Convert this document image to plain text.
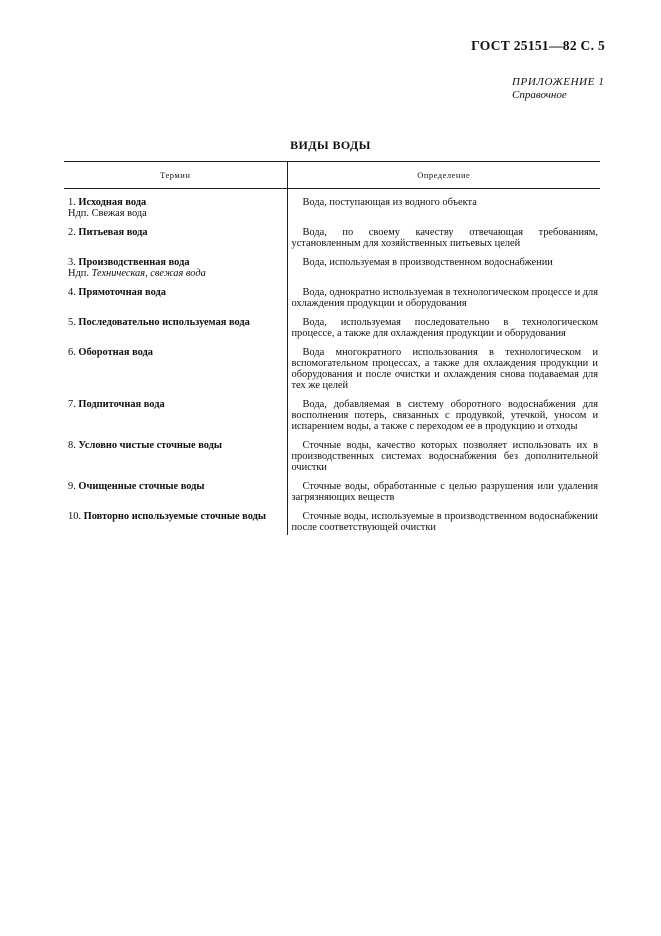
ГОСТ 25151—82 С. 5
ПРИЛОЖЕНИЕ 1
Справочное
ВИДЫ ВОДЫ
Термин	Определение

1. Исходная вода
Ндп. Свежая вода	Вода, поступающая из водного объекта

2. Питьевая вода	Вода, по своему качеству отвечающая требованиям, установленным для хозяйственных питьевых целей

3. Производственная вода
Ндп. Техническая, свежая вода	Вода, используемая в производственном водоснабжении

4. Прямоточная вода	Вода, однократно используемая в технологическом процессе и для охлаждения продукции и оборудования

5. Последовательно используемая вода	Вода, используемая последовательно в технологическом процессе, а также для охлаждения продукции и оборудования

6. Оборотная вода	Вода многократного использования в технологическом и вспомогательном процессах, а также для охлаждения продукции и оборудования и после очистки и охлаждения снова подаваемая для тех же целей

7. Подпиточная вода	Вода, добавляемая в систему оборотного водоснабжения для восполнения потерь, связанных с продувкой, утечкой, уносом и испарением воды, а также с переходом ее в продукцию и отходы

8. Условно чистые сточные воды	Сточные воды, качество которых позволяет использовать их в производственных системах водоснабжения без дополнительной очистки

9. Очищенные сточные воды	Сточные воды, обработанные с целью разрушения или удаления загрязняющих веществ

10. Повторно используемые сточные воды	Сточные воды, используемые в производственном водоснабжении после соответствующей очистки
